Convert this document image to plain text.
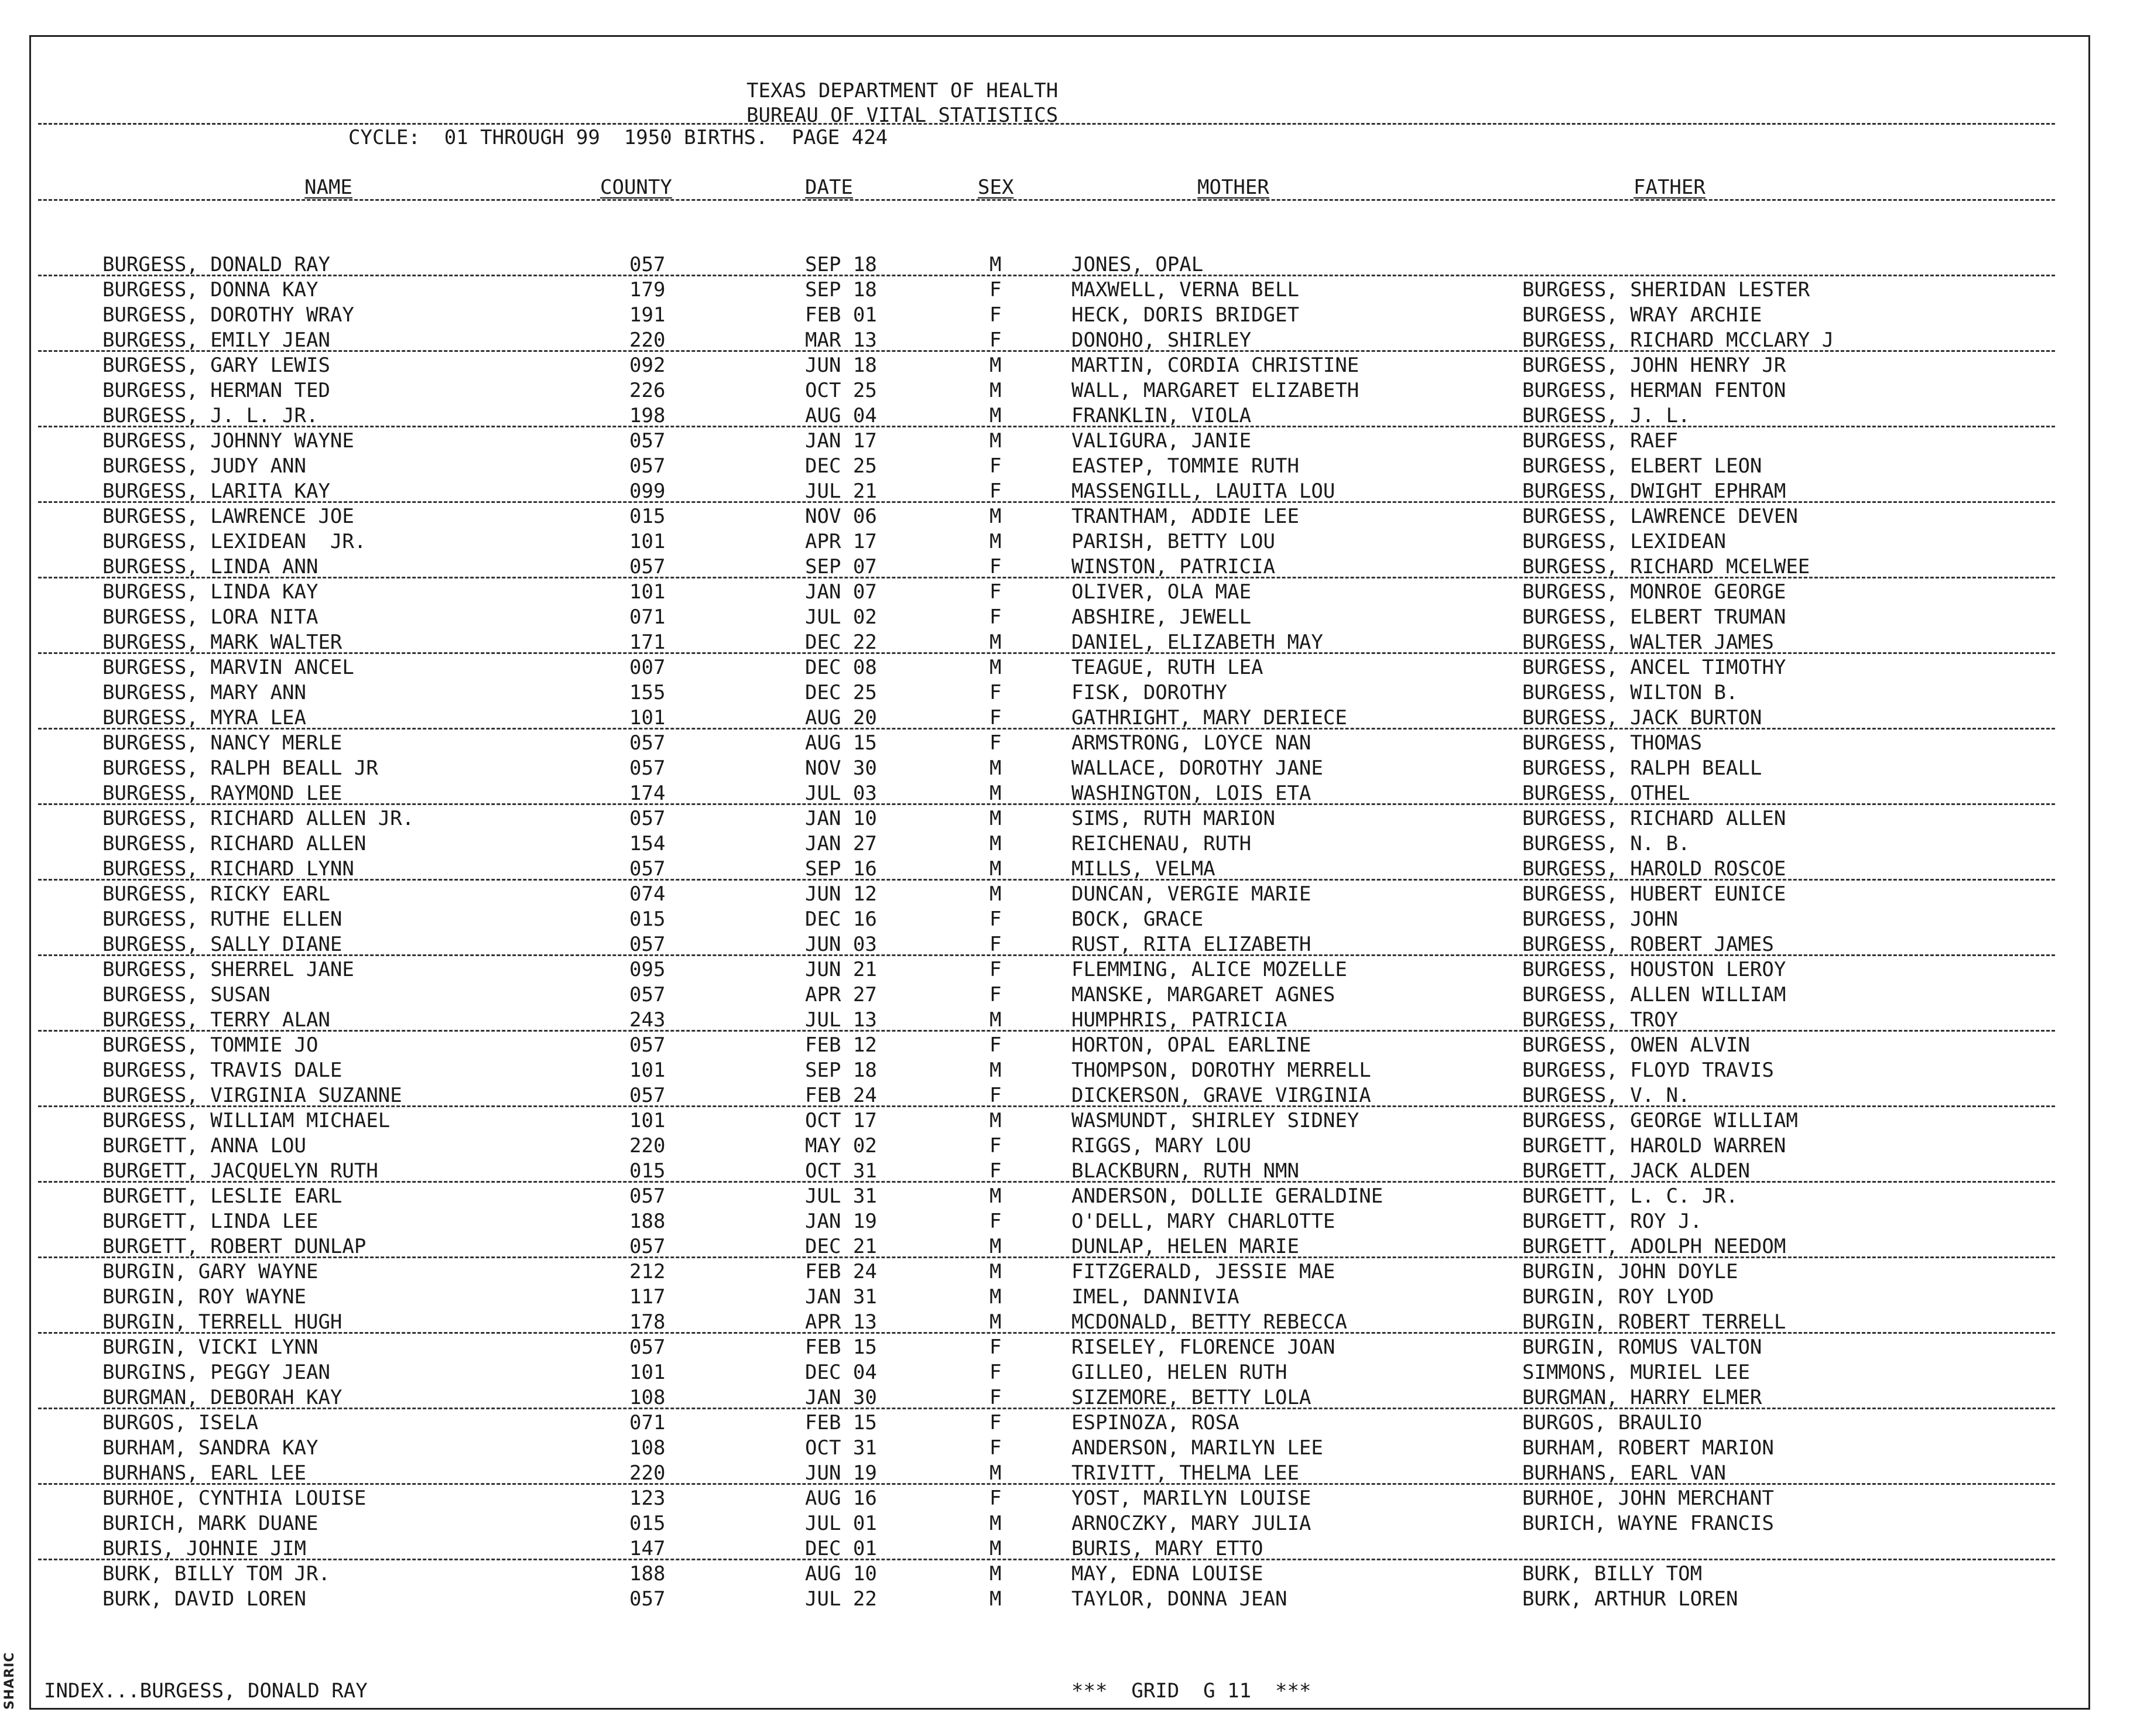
SHARIC
TEXAS DEPARTMENT OF HEALTH
BUREAU OF VITAL STATISTICS
CYCLE:  01 THROUGH 99  1950 BIRTHS.  PAGE 424
NAME	COUNTY	DATE	SEX	MOTHER	FATHER
BURGESS, DONALD RAY	057	SEP 18	M	JONES, OPAL
BURGESS, DONNA KAY	179	SEP 18	F	MAXWELL, VERNA BELL	BURGESS, SHERIDAN LESTER
BURGESS, DOROTHY WRAY	191	FEB 01	F	HECK, DORIS BRIDGET	BURGESS, WRAY ARCHIE
BURGESS, EMILY JEAN	220	MAR 13	F	DONOHO, SHIRLEY	BURGESS, RICHARD MCCLARY J
BURGESS, GARY LEWIS	092	JUN 18	M	MARTIN, CORDIA CHRISTINE	BURGESS, JOHN HENRY JR
BURGESS, HERMAN TED	226	OCT 25	M	WALL, MARGARET ELIZABETH	BURGESS, HERMAN FENTON
BURGESS, J. L. JR.	198	AUG 04	M	FRANKLIN, VIOLA	BURGESS, J. L.
BURGESS, JOHNNY WAYNE	057	JAN 17	M	VALIGURA, JANIE	BURGESS, RAEF
BURGESS, JUDY ANN	057	DEC 25	F	EASTEP, TOMMIE RUTH	BURGESS, ELBERT LEON
BURGESS, LARITA KAY	099	JUL 21	F	MASSENGILL, LAUITA LOU	BURGESS, DWIGHT EPHRAM
BURGESS, LAWRENCE JOE	015	NOV 06	M	TRANTHAM, ADDIE LEE	BURGESS, LAWRENCE DEVEN
BURGESS, LEXIDEAN  JR.	101	APR 17	M	PARISH, BETTY LOU	BURGESS, LEXIDEAN
BURGESS, LINDA ANN	057	SEP 07	F	WINSTON, PATRICIA	BURGESS, RICHARD MCELWEE
BURGESS, LINDA KAY	101	JAN 07	F	OLIVER, OLA MAE	BURGESS, MONROE GEORGE
BURGESS, LORA NITA	071	JUL 02	F	ABSHIRE, JEWELL	BURGESS, ELBERT TRUMAN
BURGESS, MARK WALTER	171	DEC 22	M	DANIEL, ELIZABETH MAY	BURGESS, WALTER JAMES
BURGESS, MARVIN ANCEL	007	DEC 08	M	TEAGUE, RUTH LEA	BURGESS, ANCEL TIMOTHY
BURGESS, MARY ANN	155	DEC 25	F	FISK, DOROTHY	BURGESS, WILTON B.
BURGESS, MYRA LEA	101	AUG 20	F	GATHRIGHT, MARY DERIECE	BURGESS, JACK BURTON
BURGESS, NANCY MERLE	057	AUG 15	F	ARMSTRONG, LOYCE NAN	BURGESS, THOMAS
BURGESS, RALPH BEALL JR	057	NOV 30	M	WALLACE, DOROTHY JANE	BURGESS, RALPH BEALL
BURGESS, RAYMOND LEE	174	JUL 03	M	WASHINGTON, LOIS ETA	BURGESS, OTHEL
BURGESS, RICHARD ALLEN JR.	057	JAN 10	M	SIMS, RUTH MARION	BURGESS, RICHARD ALLEN
BURGESS, RICHARD ALLEN	154	JAN 27	M	REICHENAU, RUTH	BURGESS, N. B.
BURGESS, RICHARD LYNN	057	SEP 16	M	MILLS, VELMA	BURGESS, HAROLD ROSCOE
BURGESS, RICKY EARL	074	JUN 12	M	DUNCAN, VERGIE MARIE	BURGESS, HUBERT EUNICE
BURGESS, RUTHE ELLEN	015	DEC 16	F	BOCK, GRACE	BURGESS, JOHN
BURGESS, SALLY DIANE	057	JUN 03	F	RUST, RITA ELIZABETH	BURGESS, ROBERT JAMES
BURGESS, SHERREL JANE	095	JUN 21	F	FLEMMING, ALICE MOZELLE	BURGESS, HOUSTON LEROY
BURGESS, SUSAN	057	APR 27	F	MANSKE, MARGARET AGNES	BURGESS, ALLEN WILLIAM
BURGESS, TERRY ALAN	243	JUL 13	M	HUMPHRIS, PATRICIA	BURGESS, TROY
BURGESS, TOMMIE JO	057	FEB 12	F	HORTON, OPAL EARLINE	BURGESS, OWEN ALVIN
BURGESS, TRAVIS DALE	101	SEP 18	M	THOMPSON, DOROTHY MERRELL	BURGESS, FLOYD TRAVIS
BURGESS, VIRGINIA SUZANNE	057	FEB 24	F	DICKERSON, GRAVE VIRGINIA	BURGESS, V. N.
BURGESS, WILLIAM MICHAEL	101	OCT 17	M	WASMUNDT, SHIRLEY SIDNEY	BURGESS, GEORGE WILLIAM
BURGETT, ANNA LOU	220	MAY 02	F	RIGGS, MARY LOU	BURGETT, HAROLD WARREN
BURGETT, JACQUELYN RUTH	015	OCT 31	F	BLACKBURN, RUTH NMN	BURGETT, JACK ALDEN
BURGETT, LESLIE EARL	057	JUL 31	M	ANDERSON, DOLLIE GERALDINE	BURGETT, L. C. JR.
BURGETT, LINDA LEE	188	JAN 19	F	O'DELL, MARY CHARLOTTE	BURGETT, ROY J.
BURGETT, ROBERT DUNLAP	057	DEC 21	M	DUNLAP, HELEN MARIE	BURGETT, ADOLPH NEEDOM
BURGIN, GARY WAYNE	212	FEB 24	M	FITZGERALD, JESSIE MAE	BURGIN, JOHN DOYLE
BURGIN, ROY WAYNE	117	JAN 31	M	IMEL, DANNIVIA	BURGIN, ROY LYOD
BURGIN, TERRELL HUGH	178	APR 13	M	MCDONALD, BETTY REBECCA	BURGIN, ROBERT TERRELL
BURGIN, VICKI LYNN	057	FEB 15	F	RISELEY, FLORENCE JOAN	BURGIN, ROMUS VALTON
BURGINS, PEGGY JEAN	101	DEC 04	F	GILLEO, HELEN RUTH	SIMMONS, MURIEL LEE
BURGMAN, DEBORAH KAY	108	JAN 30	F	SIZEMORE, BETTY LOLA	BURGMAN, HARRY ELMER
BURGOS, ISELA	071	FEB 15	F	ESPINOZA, ROSA	BURGOS, BRAULIO
BURHAM, SANDRA KAY	108	OCT 31	F	ANDERSON, MARILYN LEE	BURHAM, ROBERT MARION
BURHANS, EARL LEE	220	JUN 19	M	TRIVITT, THELMA LEE	BURHANS, EARL VAN
BURHOE, CYNTHIA LOUISE	123	AUG 16	F	YOST, MARILYN LOUISE	BURHOE, JOHN MERCHANT
BURICH, MARK DUANE	015	JUL 01	M	ARNOCZKY, MARY JULIA	BURICH, WAYNE FRANCIS
BURIS, JOHNIE JIM	147	DEC 01	M	BURIS, MARY ETTO
BURK, BILLY TOM JR.	188	AUG 10	M	MAY, EDNA LOUISE	BURK, BILLY TOM
BURK, DAVID LOREN	057	JUL 22	M	TAYLOR, DONNA JEAN	BURK, ARTHUR LOREN
INDEX...BURGESS, DONALD RAY	***  GRID  G 11  ***
